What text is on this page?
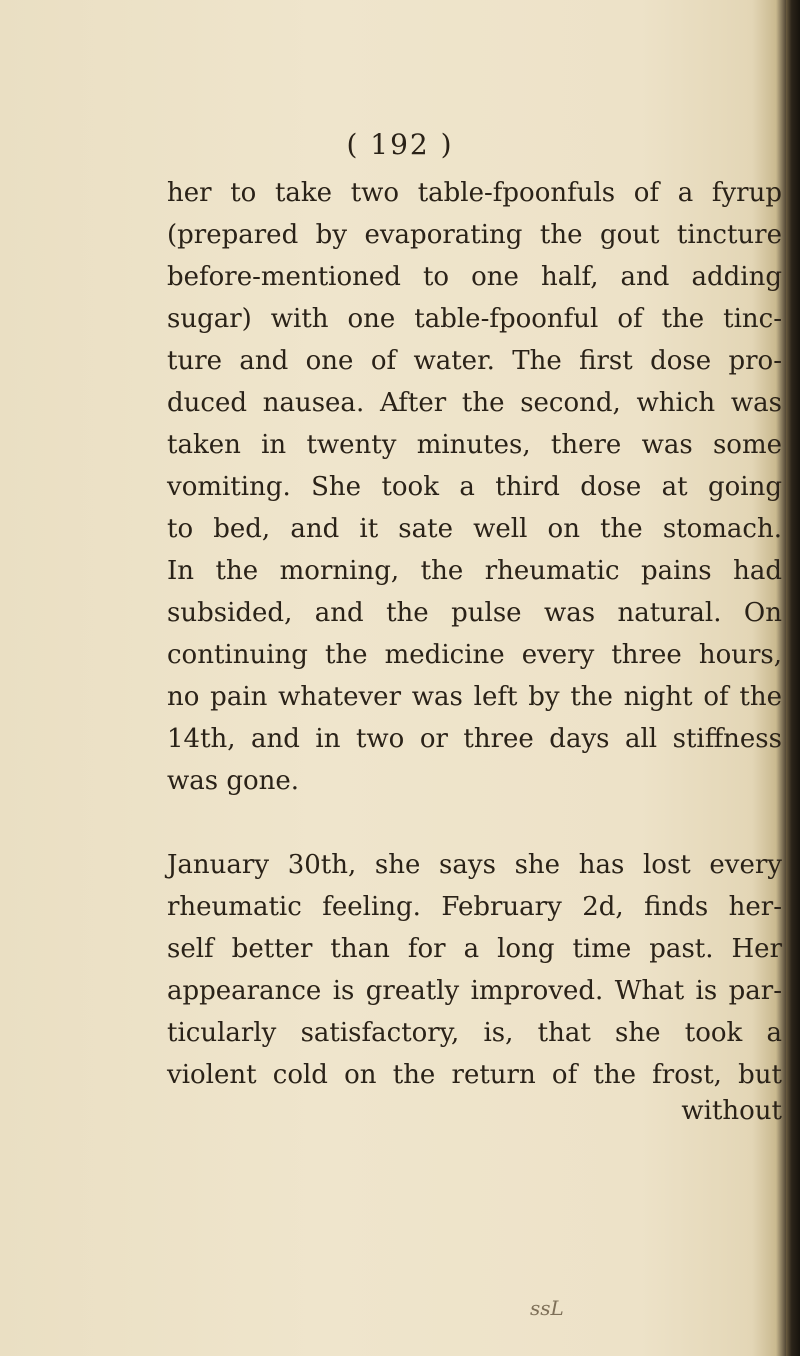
( 192 )
her to take two table-fpoonfuls of a fyrup
(prepared by evaporating the gout tincture
before-mentioned to one half, and adding
sugar) with one table-fpoonful of the tinc-
ture and one of water. The first dose pro-
duced nausea. After the second, which was
taken in twenty minutes, there was some
vomiting. She took a third dose at going
to bed, and it sate well on the stomach.
In the morning, the rheumatic pains had
subsided, and the pulse was natural. On
continuing the medicine every three hours,
no pain whatever was left by the night of the
14th, and in two or three days all stiffness
was gone.
January 30th, she says she has lost every
rheumatic feeling. February 2d, finds her-
self better than for a long time past. Her
appearance is greatly improved. What is par-
ticularly satisfactory, is, that she took a
violent cold on the return of the frost, but
without
ssL
